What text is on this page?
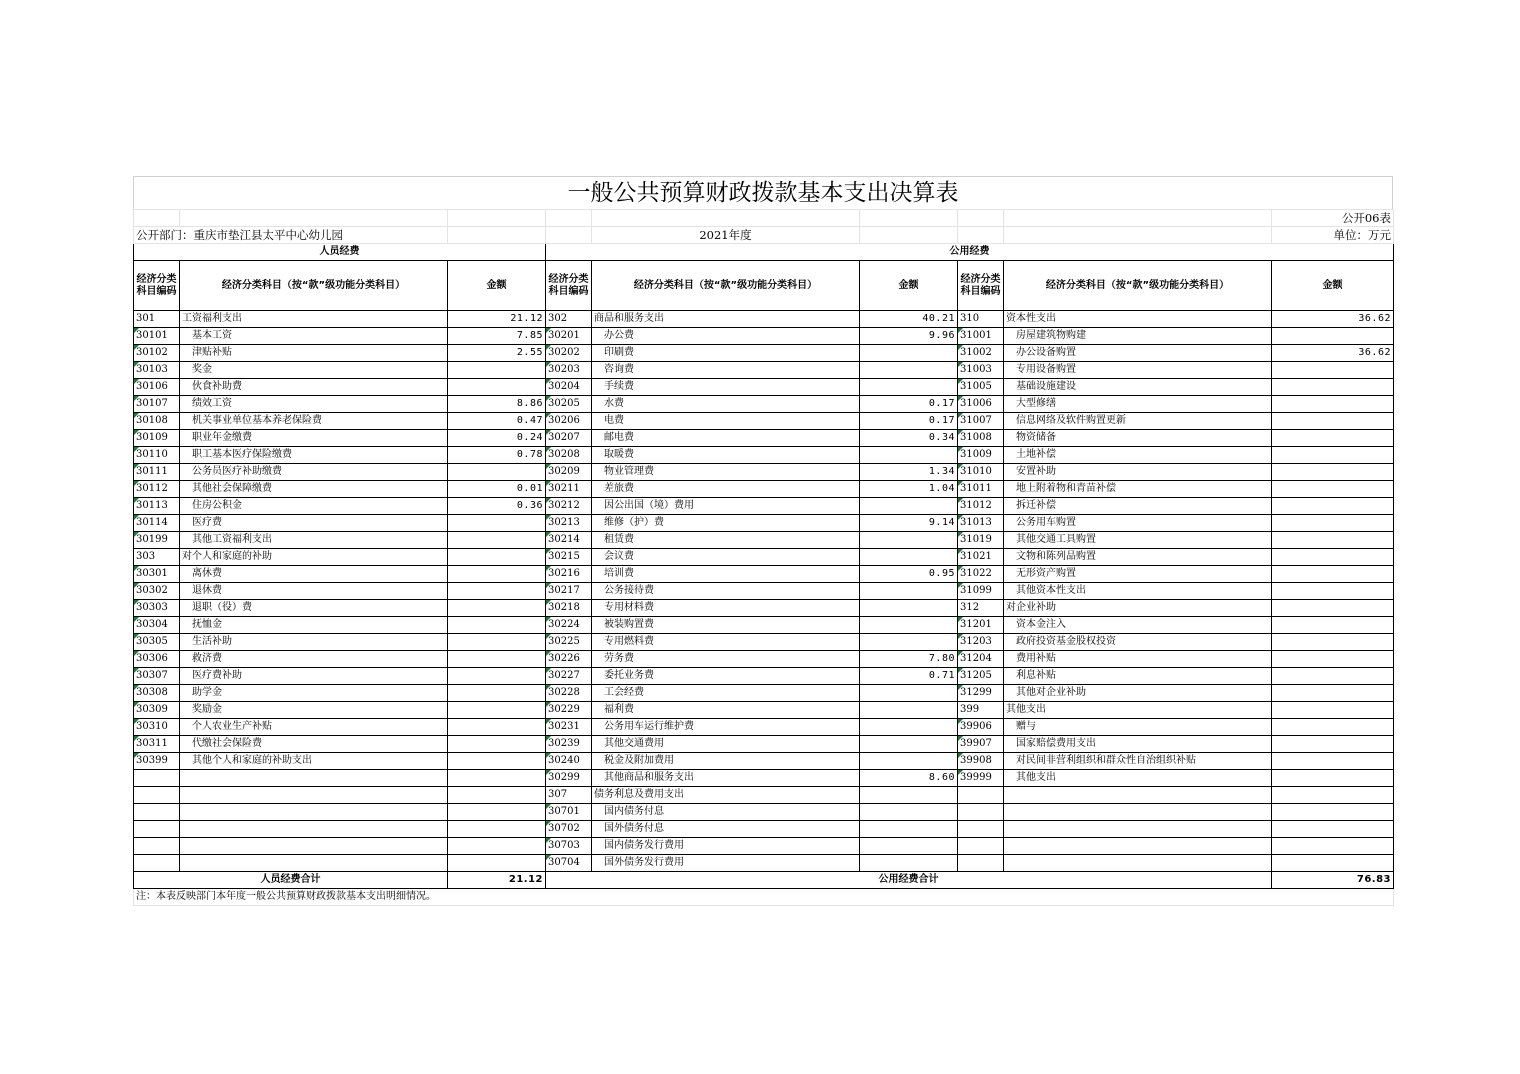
一般公共预算财政拨款基本支出决算表
								公开06表
公开部门：重庆市垫江县太平中心幼儿园				2021年度				单位：万元
人员经费			公用经费					
经济分类科目编码	经济分类科目（按“款”级功能分类科目）	金额	经济分类科目编码	经济分类科目（按“款”级功能分类科目）	金额	经济分类科目编码	经济分类科目（按“款”级功能分类科目）	金额
301	工资福利支出	21.12	302	商品和服务支出	40.21	310	资本性支出	36.62
30101	基本工资	7.85	30201	办公费	9.96	31001	房屋建筑物购建	
30102	津贴补贴	2.55	30202	印刷费		31002	办公设备购置	36.62
30103	奖金		30203	咨询费		31003	专用设备购置	
30106	伙食补助费		30204	手续费		31005	基础设施建设	
30107	绩效工资	8.86	30205	水费	0.17	31006	大型修缮	
30108	机关事业单位基本养老保险费	0.47	30206	电费	0.17	31007	信息网络及软件购置更新	
30109	职业年金缴费	0.24	30207	邮电费	0.34	31008	物资储备	
30110	职工基本医疗保险缴费	0.78	30208	取暖费		31009	土地补偿	
30111	公务员医疗补助缴费		30209	物业管理费	1.34	31010	安置补助	
30112	其他社会保障缴费	0.01	30211	差旅费	1.04	31011	地上附着物和青苗补偿	
30113	住房公积金	0.36	30212	因公出国（境）费用		31012	拆迁补偿	
30114	医疗费		30213	维修（护）费	9.14	31013	公务用车购置	
30199	其他工资福利支出		30214	租赁费		31019	其他交通工具购置	
303	对个人和家庭的补助		30215	会议费		31021	文物和陈列品购置	
30301	离休费		30216	培训费	0.95	31022	无形资产购置	
30302	退休费		30217	公务接待费		31099	其他资本性支出	
30303	退职（役）费		30218	专用材料费		312	对企业补助	
30304	抚恤金		30224	被装购置费		31201	资本金注入	
30305	生活补助		30225	专用燃料费		31203	政府投资基金股权投资	
30306	救济费		30226	劳务费	7.80	31204	费用补贴	
30307	医疗费补助		30227	委托业务费	0.71	31205	利息补贴	
30308	助学金		30228	工会经费		31299	其他对企业补助	
30309	奖励金		30229	福利费		399	其他支出	
30310	个人农业生产补贴		30231	公务用车运行维护费		39906	赠与	
30311	代缴社会保险费		30239	其他交通费用		39907	国家赔偿费用支出	
30399	其他个人和家庭的补助支出		30240	税金及附加费用		39908	对民间非营利组织和群众性自治组织补贴	
			30299	其他商品和服务支出	8.60	39999	其他支出	
			307	债务利息及费用支出				
			30701	国内债务付息				
			30702	国外债务付息				
			30703	国内债务发行费用				
			30704	国外债务发行费用				
人员经费合计		21.12	公用经费合计					76.83
注：本表反映部门本年度一般公共预算财政拨款基本支出明细情况。								
